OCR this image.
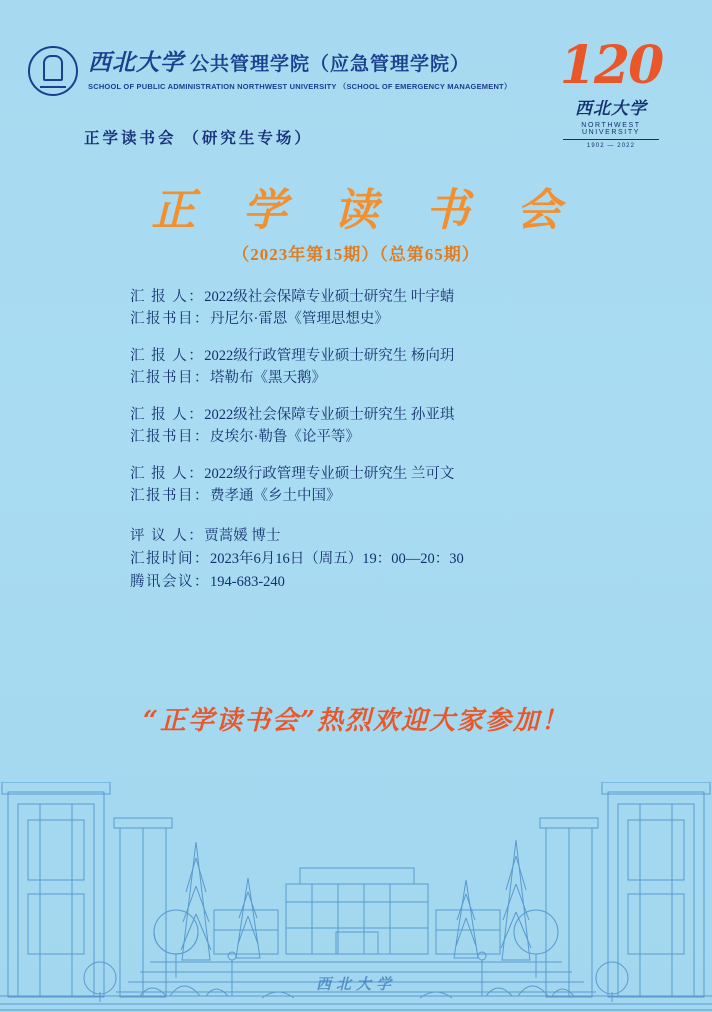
西北大学 公共管理学院（应急管理学院）
SCHOOL OF PUBLIC ADMINISTRATION NORTHWEST UNIVERSITY （SCHOOL OF EMERGENCY MANAGEMENT） 120
西北大学
NORTHWEST UNIVERSITY
1902 — 2022
正学读书会 （研究生专场）
正 学 读 书 会
（2023年第15期）（总第65期）
汇 报 人：2022级社会保障专业硕士研究生 叶宇蜻
汇报书目：丹尼尔·雷恩《管理思想史》
汇 报 人：2022级行政管理专业硕士研究生 杨向玥
汇报书目：塔勒布《黑天鹅》
汇 报 人：2022级社会保障专业硕士研究生 孙亚琪
汇报书目：皮埃尔·勒鲁《论平等》
汇 报 人：2022级行政管理专业硕士研究生 兰可文
汇报书目：费孝通《乡土中国》
评 议 人：贾蒿媛 博士
汇报时间：2023年6月16日（周五）19：00—20：30
腾讯会议：194-683-240
“正学读书会”热烈欢迎大家参加！
西北大学
